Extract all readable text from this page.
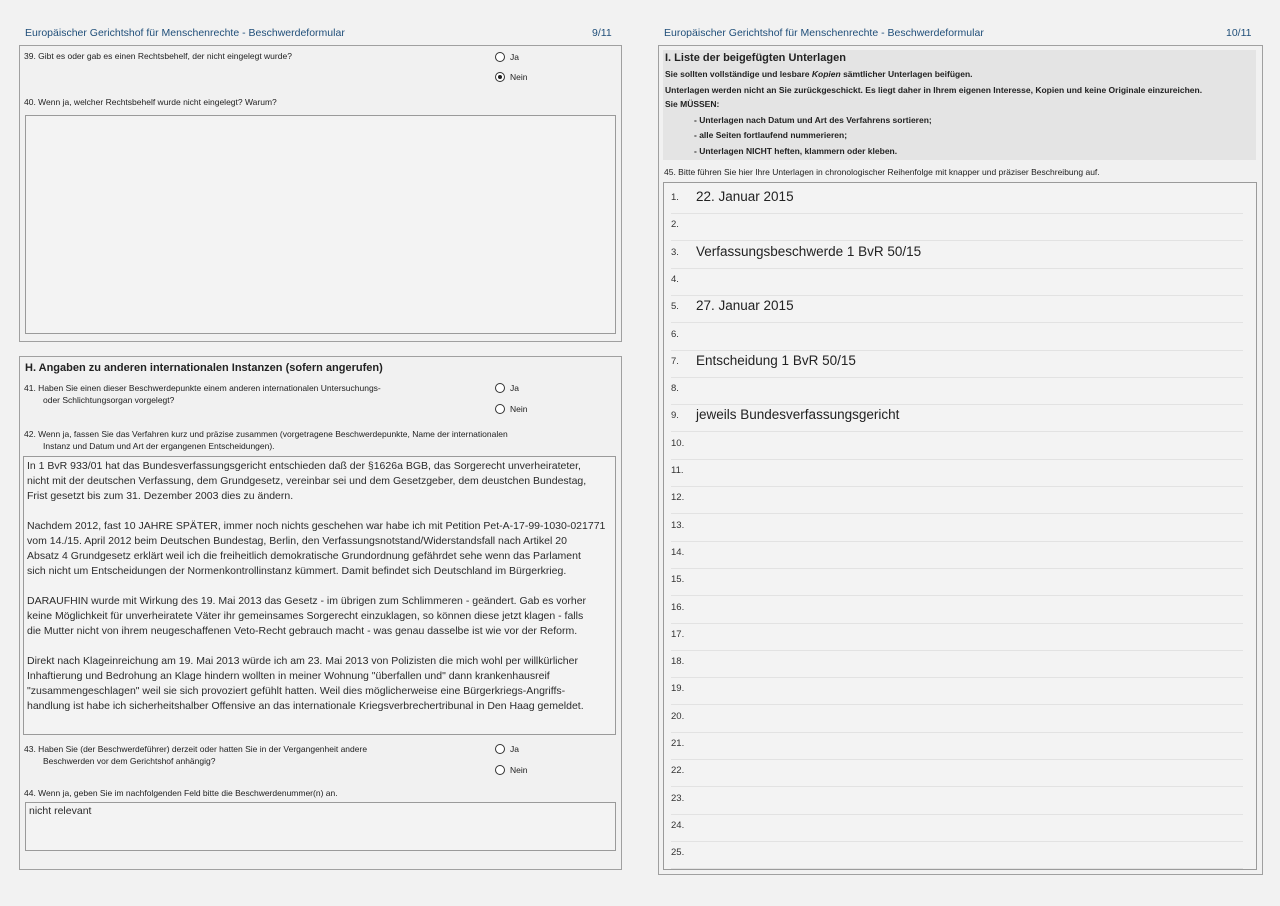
Europäischer Gerichtshof für Menschenrechte - Beschwerdeformular	9/11
39. Gibt es oder gab es einen Rechtsbehelf, der nicht eingelegt wurde?	Ja
Nein
40. Wenn ja, welcher Rechtsbehelf wurde nicht eingelegt? Warum?
H. Angaben zu anderen internationalen Instanzen (sofern angerufen)
41. Haben Sie einen dieser Beschwerdepunkte einem anderen internationalen Untersuchungs-
oder Schlichtungsorgan vorgelegt?
Ja
Nein
42. Wenn ja, fassen Sie das Verfahren kurz und präzise zusammen (vorgetragene Beschwerdepunkte, Name der internationalen
Instanz und Datum und Art der ergangenen Entscheidungen).
In 1 BvR 933/01 hat das Bundesverfassungsgericht entschieden daß der §1626a BGB, das Sorgerecht unverheirateter,
nicht mit der deutschen Verfassung, dem Grundgesetz, vereinbar sei und dem Gesetzgeber, dem deustchen Bundestag,
Frist gesetzt bis zum 31. Dezember 2003 dies zu ändern.
Nachdem 2012, fast 10 JAHRE SPÄTER, immer noch nichts geschehen war habe ich mit Petition Pet-A-17-99-1030-021771
vom 14./15. April 2012 beim Deutschen Bundestag, Berlin, den Verfassungsnotstand/Widerstandsfall nach Artikel 20
Absatz 4 Grundgesetz erklärt weil ich die freiheitlich demokratische Grundordnung gefährdet sehe wenn das Parlament
sich nicht um Entscheidungen der Normenkontrollinstanz kümmert. Damit befindet sich Deutschland im Bürgerkrieg.
DARAUFHIN wurde mit Wirkung des 19. Mai 2013 das Gesetz - im übrigen zum Schlimmeren - geändert. Gab es vorher
keine Möglichkeit für unverheiratete Väter ihr gemeinsames Sorgerecht einzuklagen, so können diese jetzt klagen - falls
die Mutter nicht von ihrem neugeschaffenen Veto-Recht gebrauch macht - was genau dasselbe ist wie vor der Reform.
Direkt nach Klageinreichung am 19. Mai 2013 würde ich am 23. Mai 2013 von Polizisten die mich wohl per willkürlicher
Inhaftierung und Bedrohung an Klage hindern wollten in meiner Wohnung "überfallen und" dann krankenhausreif
"zusammengeschlagen" weil sie sich provoziert gefühlt hatten. Weil dies möglicherweise eine Bürgerkriegs-Angriffs-
handlung ist habe ich sicherheitshalber Offensive an das internationale Kriegsverbrechertribunal in Den Haag gemeldet.
43. Haben Sie (der Beschwerdeführer) derzeit oder hatten Sie in der Vergangenheit andere
Beschwerden vor dem Gerichtshof anhängig?
Ja
Nein
44. Wenn ja, geben Sie im nachfolgenden Feld bitte die Beschwerdenummer(n) an.
nicht relevant
Europäischer Gerichtshof für Menschenrechte - Beschwerdeformular	10/11
I. Liste der beigefügten Unterlagen
Sie sollten vollständige und lesbare Kopien sämtlicher Unterlagen beifügen.
Unterlagen werden nicht an Sie zurückgeschickt. Es liegt daher in Ihrem eigenen Interesse, Kopien und keine Originale einzureichen.
Sie MÜSSEN:
- Unterlagen nach Datum und Art des Verfahrens sortieren;
- alle Seiten fortlaufend nummerieren;
- Unterlagen NICHT heften, klammern oder kleben.
45. Bitte führen Sie hier Ihre Unterlagen in chronologischer Reihenfolge mit knapper und präziser Beschreibung auf.
1. 22. Januar 2015
2.
3. Verfassungsbeschwerde 1 BvR 50/15
4.
5. 27. Januar 2015
6.
7. Entscheidung 1 BvR 50/15
8.
9. jeweils Bundesverfassungsgericht
10.
11.
12.
13.
14.
15.
16.
17.
18.
19.
20.
21.
22.
23.
24.
25.
